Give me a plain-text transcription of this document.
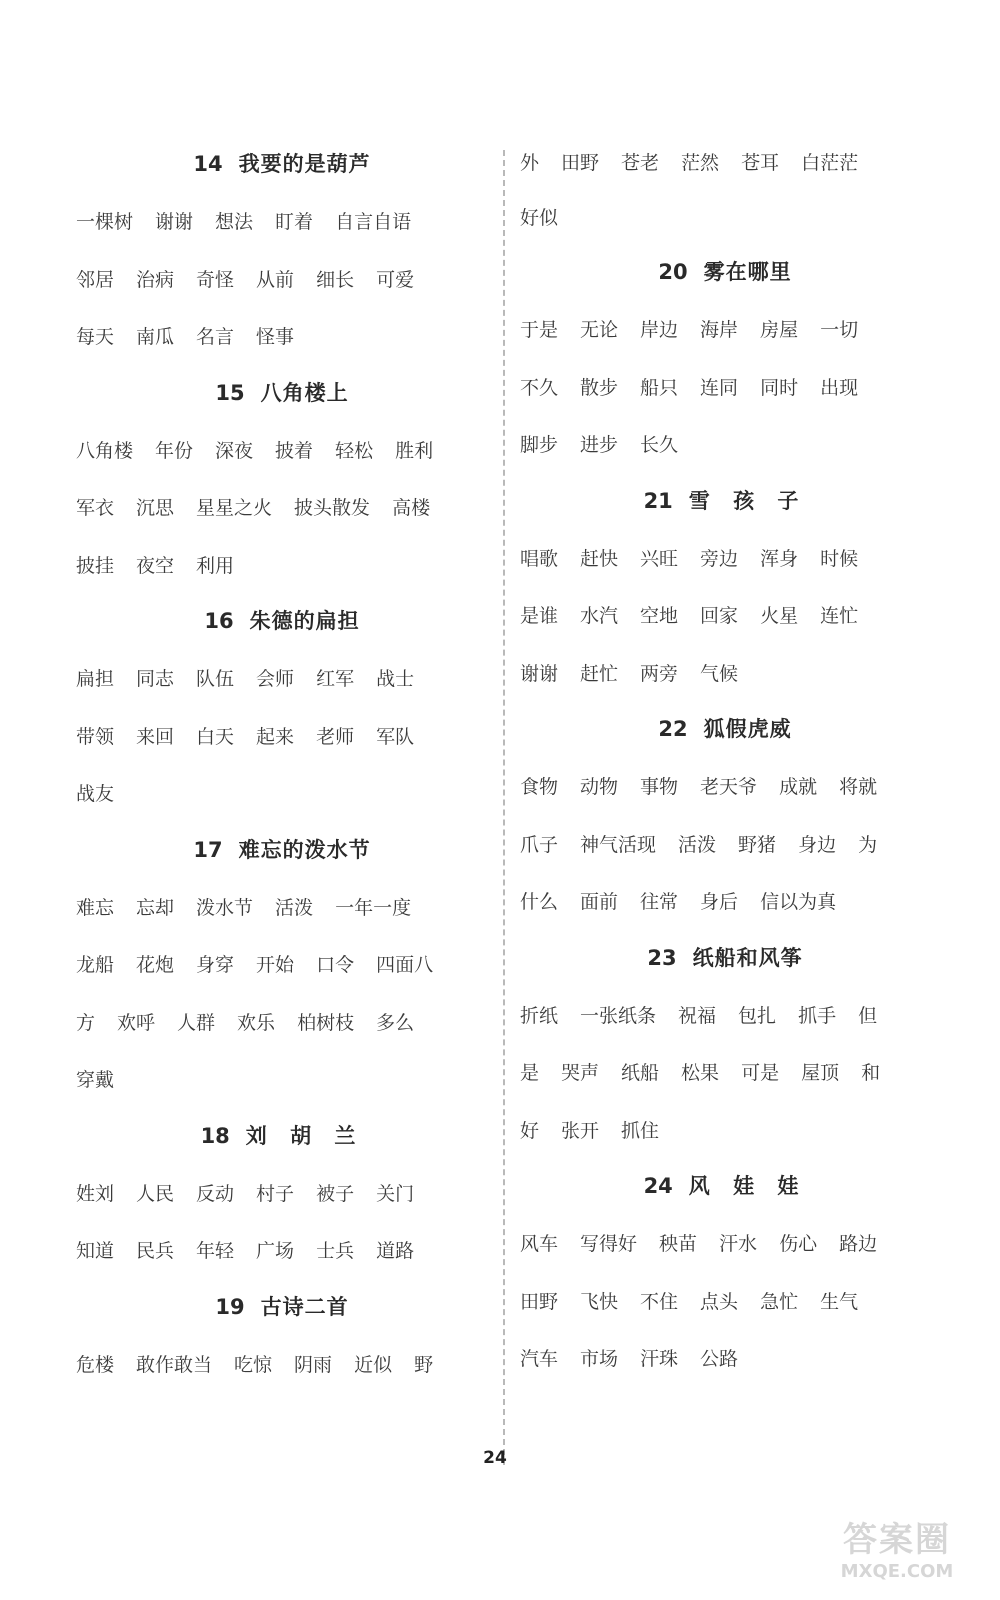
14 我要的是葫芦
一棵树 谢谢 想法 盯着 自言自语邻居 治病 奇怪 从前 细长 可爱每天 南瓜 名言 怪事
15 八角楼上
八角楼 年份 深夜 披着 轻松 胜利军衣 沉思 星星之火 披头散发 高楼披挂 夜空 利用
16 朱德的扁担
扁担 同志 队伍 会师 红军 战士带领 来回 白天 起来 老师 军队战友
17 难忘的泼水节
难忘 忘却 泼水节 活泼 一年一度龙船 花炮 身穿 开始 口令 四面八方 欢呼 人群 欢乐 柏树枝 多么穿戴
18 刘 胡 兰
姓刘 人民 反动 村子 被子 关门知道 民兵 年轻 广场 士兵 道路
19 古诗二首
危楼 敢作敢当 吃惊 阴雨 近似 野
外 田野 苍老 茫然 苍耳 白茫茫好似
20 雾在哪里
于是 无论 岸边 海岸 房屋 一切不久 散步 船只 连同 同时 出现脚步 进步 长久
21 雪 孩 子
唱歌 赶快 兴旺 旁边 浑身 时候是谁 水汽 空地 回家 火星 连忙谢谢 赶忙 两旁 气候
22 狐假虎威
食物 动物 事物 老天爷 成就 将就爪子 神气活现 活泼 野猪 身边 为什么 面前 往常 身后 信以为真
23 纸船和风筝
折纸 一张纸条 祝福 包扎 抓手 但是 哭声 纸船 松果 可是 屋顶 和好 张开 抓住
24 风 娃 娃
风车 写得好 秧苗 汗水 伤心 路边田野 飞快 不住 点头 急忙 生气汽车 市场 汗珠 公路
24
答案圈
MXQE.COM
